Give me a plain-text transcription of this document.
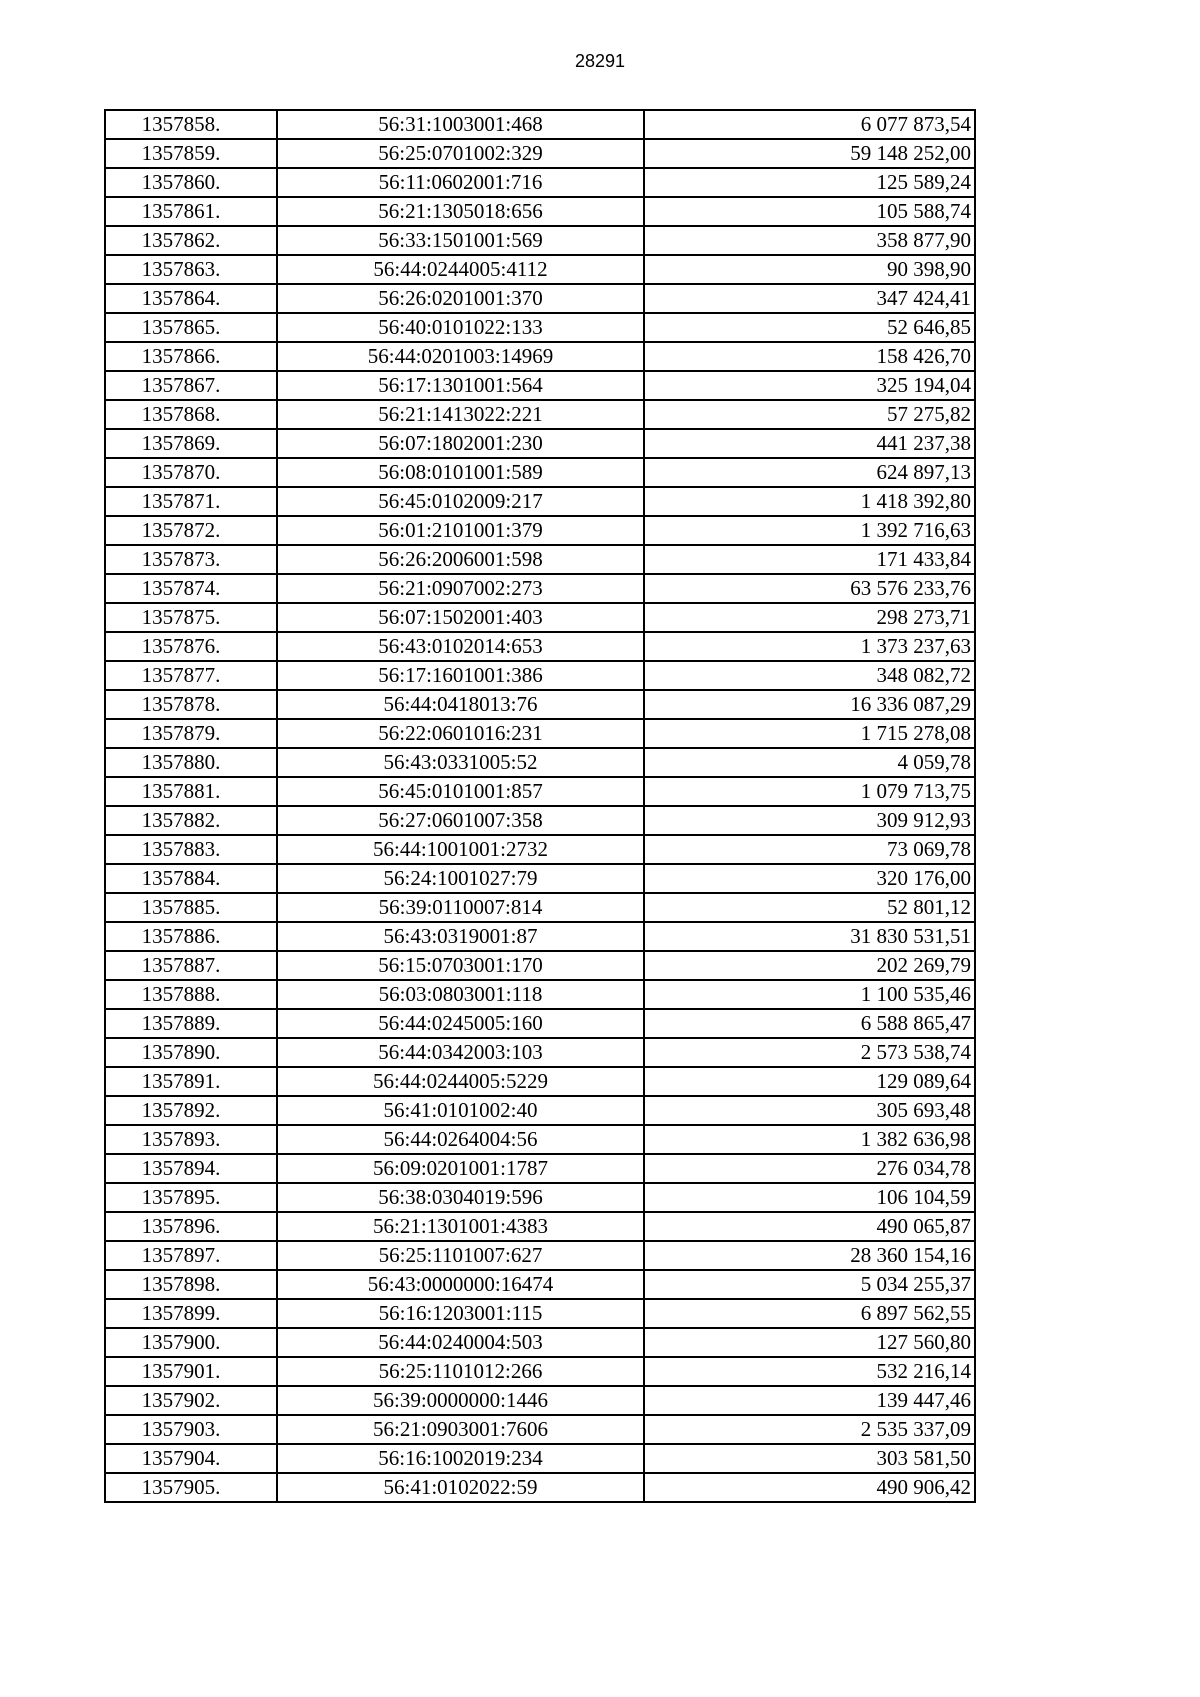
28291
1357858.	56:31:1003001:468	6 077 873,54
1357859.	56:25:0701002:329	59 148 252,00
1357860.	56:11:0602001:716	125 589,24
1357861.	56:21:1305018:656	105 588,74
1357862.	56:33:1501001:569	358 877,90
1357863.	56:44:0244005:4112	90 398,90
1357864.	56:26:0201001:370	347 424,41
1357865.	56:40:0101022:133	52 646,85
1357866.	56:44:0201003:14969	158 426,70
1357867.	56:17:1301001:564	325 194,04
1357868.	56:21:1413022:221	57 275,82
1357869.	56:07:1802001:230	441 237,38
1357870.	56:08:0101001:589	624 897,13
1357871.	56:45:0102009:217	1 418 392,80
1357872.	56:01:2101001:379	1 392 716,63
1357873.	56:26:2006001:598	171 433,84
1357874.	56:21:0907002:273	63 576 233,76
1357875.	56:07:1502001:403	298 273,71
1357876.	56:43:0102014:653	1 373 237,63
1357877.	56:17:1601001:386	348 082,72
1357878.	56:44:0418013:76	16 336 087,29
1357879.	56:22:0601016:231	1 715 278,08
1357880.	56:43:0331005:52	4 059,78
1357881.	56:45:0101001:857	1 079 713,75
1357882.	56:27:0601007:358	309 912,93
1357883.	56:44:1001001:2732	73 069,78
1357884.	56:24:1001027:79	320 176,00
1357885.	56:39:0110007:814	52 801,12
1357886.	56:43:0319001:87	31 830 531,51
1357887.	56:15:0703001:170	202 269,79
1357888.	56:03:0803001:118	1 100 535,46
1357889.	56:44:0245005:160	6 588 865,47
1357890.	56:44:0342003:103	2 573 538,74
1357891.	56:44:0244005:5229	129 089,64
1357892.	56:41:0101002:40	305 693,48
1357893.	56:44:0264004:56	1 382 636,98
1357894.	56:09:0201001:1787	276 034,78
1357895.	56:38:0304019:596	106 104,59
1357896.	56:21:1301001:4383	490 065,87
1357897.	56:25:1101007:627	28 360 154,16
1357898.	56:43:0000000:16474	5 034 255,37
1357899.	56:16:1203001:115	6 897 562,55
1357900.	56:44:0240004:503	127 560,80
1357901.	56:25:1101012:266	532 216,14
1357902.	56:39:0000000:1446	139 447,46
1357903.	56:21:0903001:7606	2 535 337,09
1357904.	56:16:1002019:234	303 581,50
1357905.	56:41:0102022:59	490 906,42
